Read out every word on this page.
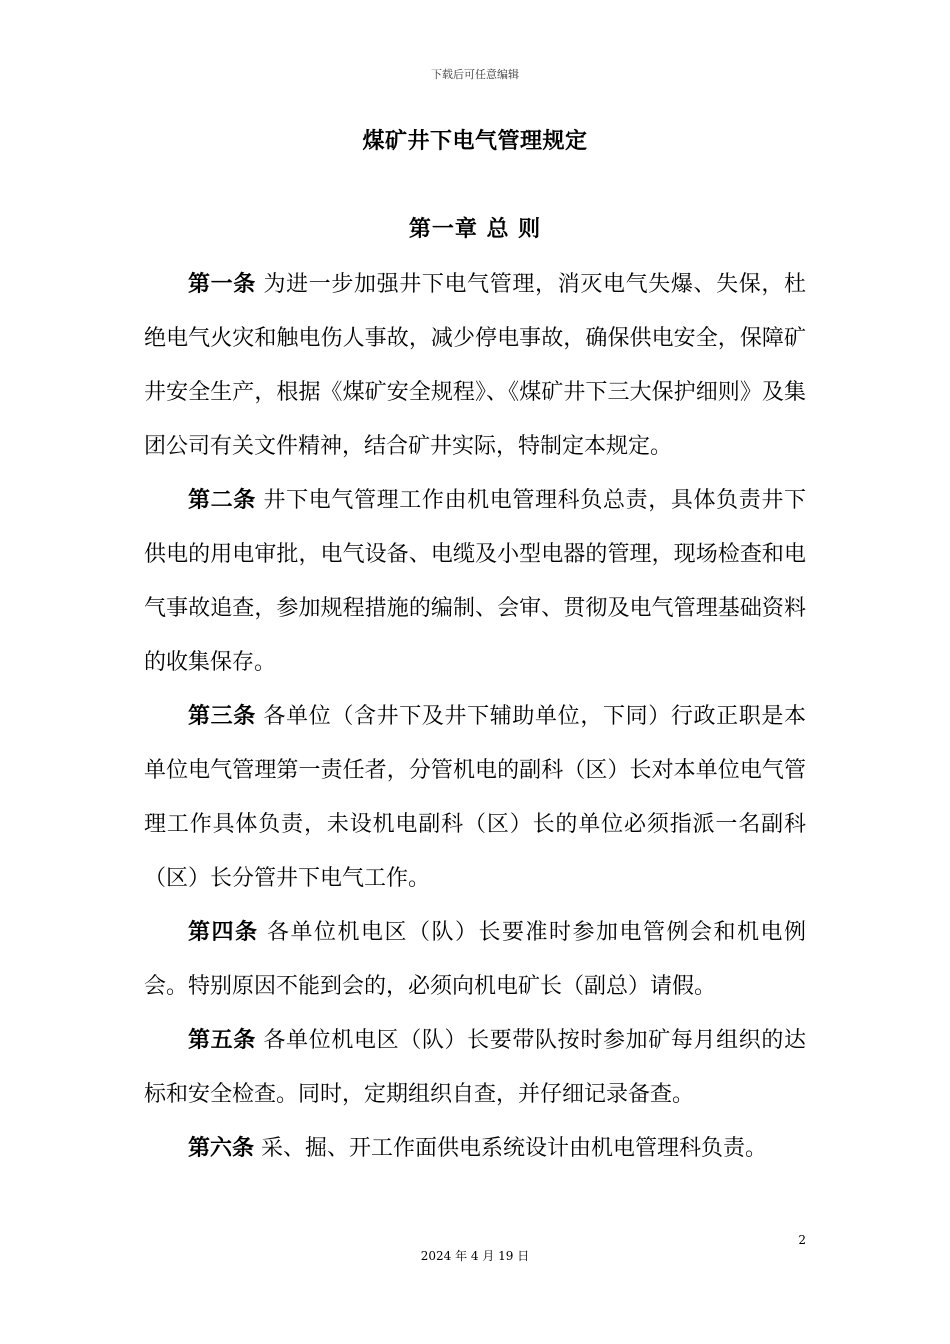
下载后可任意编辑
煤矿井下电气管理规定
第一章 总 则

第一条 为进一步加强井下电气管理，消灭电气失爆、失保，杜绝电气火灾和触电伤人事故，减少停电事故，确保供电安全，保障矿井安全生产，根据《煤矿安全规程》、《煤矿井下三大保护细则》及集团公司有关文件精神，结合矿井实际，特制定本规定。

第二条 井下电气管理工作由机电管理科负总责，具体负责井下供电的用电审批，电气设备、电缆及小型电器的管理，现场检查和电气事故追查，参加规程措施的编制、会审、贯彻及电气管理基础资料的收集保存。

第三条 各单位（含井下及井下辅助单位，下同）行政正职是本单位电气管理第一责任者，分管机电的副科（区）长对本单位电气管理工作具体负责，未设机电副科（区）长的单位必须指派一名副科（区）长分管井下电气工作。

第四条 各单位机电区（队）长要准时参加电管例会和机电例会。特别原因不能到会的，必须向机电矿长（副总）请假。

第五条 各单位机电区（队）长要带队按时参加矿每月组织的达标和安全检查。同时，定期组织自查，并仔细记录备查。

第六条 采、掘、开工作面供电系统设计由机电管理科负责。

2
2024 年 4 月 19 日
